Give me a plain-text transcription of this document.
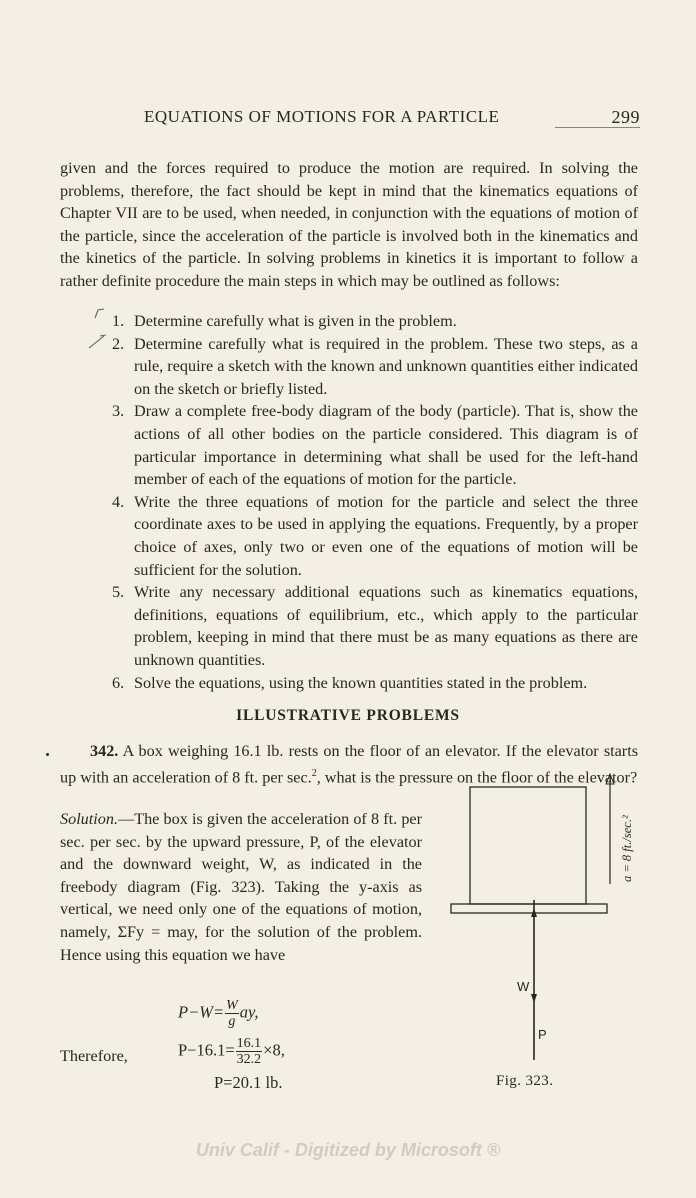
EQUATIONS OF MOTIONS FOR A PARTICLE	299

given and the forces required to produce the motion are required. In solving the problems, therefore, the fact should be kept in mind that the kinematics equations of Chapter VII are to be used, when needed, in conjunction with the equations of motion of the particle, since the acceleration of the particle is involved both in the kinematics and the kinetics of the particle. In solving problems in kinetics it is important to follow a rather definite procedure the main steps in which may be outlined as follows:

1. Determine carefully what is given in the problem.
2. Determine carefully what is required in the problem. These two steps, as a rule, require a sketch with the known and unknown quantities either indicated on the sketch or briefly listed.
3. Draw a complete free-body diagram of the body (particle). That is, show the actions of all other bodies on the particle considered. This diagram is of particular importance in determining what shall be used for the left-hand member of each of the equations of motion for the particle.
4. Write the three equations of motion for the particle and select the three coordinate axes to be used in applying the equations. Frequently, by a proper choice of axes, only two or even one of the equations of motion will be sufficient for the solution.
5. Write any necessary additional equations such as kinematics equations, definitions, equations of equilibrium, etc., which apply to the particular problem, keeping in mind that there must be as many equations as there are unknown quantities.
6. Solve the equations, using the known quantities stated in the problem.
ILLUSTRATIVE PROBLEMS

342. A box weighing 16.1 lb. rests on the floor of an elevator. If the elevator starts up with an acceleration of 8 ft. per sec.$^2$, what is the pressure on the floor of the elevator?

Solution.—The box is given the acceleration of 8 ft. per sec. per sec. by the upward pressure, P, of the elevator and the downward weight, W, as indicated in the freebody diagram (Fig. 323). Taking the y-axis as vertical, we need only one of the equations of motion, namely, ΣFy = may, for the solution of the problem. Hence using this equation we have

$P-W= \frac{W}{g}$ ay,
$P-16.1= \frac{16.1}{32.2} \times 8$,
Therefore,
P=20.1 lb.
W
P
a = 8 ft./sec.²
Fig. 323.
Univ Calif - Digitized by Microsoft ®
